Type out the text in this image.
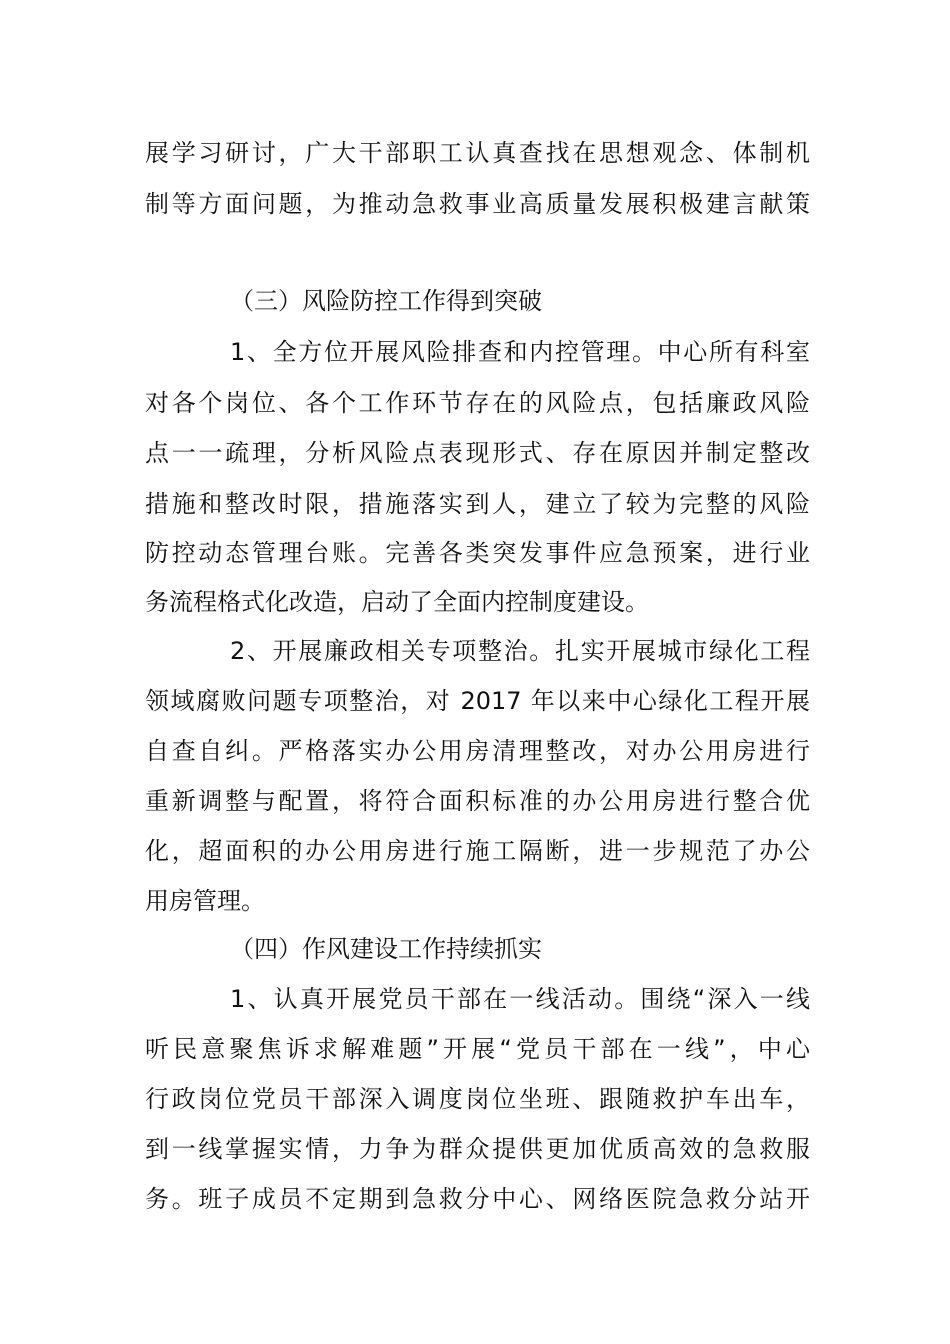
展学习研讨，广大干部职工认真查找在思想观念、体制机
制等方面问题，为推动急救事业高质量发展积极建言献策
（三）风险防控工作得到突破
1、全方位开展风险排查和内控管理。中心所有科室
对各个岗位、各个工作环节存在的风险点，包括廉政风险
点一一疏理，分析风险点表现形式、存在原因并制定整改
措施和整改时限，措施落实到人，建立了较为完整的风险
防控动态管理台账。完善各类突发事件应急预案，进行业
务流程格式化改造，启动了全面内控制度建设。
2、开展廉政相关专项整治。扎实开展城市绿化工程
领域腐败问题专项整治，对 2017 年以来中心绿化工程开展
自查自纠。严格落实办公用房清理整改，对办公用房进行
重新调整与配置，将符合面积标准的办公用房进行整合优
化，超面积的办公用房进行施工隔断，进一步规范了办公
用房管理。
（四）作风建设工作持续抓实
1、认真开展党员干部在一线活动。围绕“深入一线
听民意聚焦诉求解难题”开展“党员干部在一线”，中心
行政岗位党员干部深入调度岗位坐班、跟随救护车出车，
到一线掌握实情，力争为群众提供更加优质高效的急救服
务。班子成员不定期到急救分中心、网络医院急救分站开
